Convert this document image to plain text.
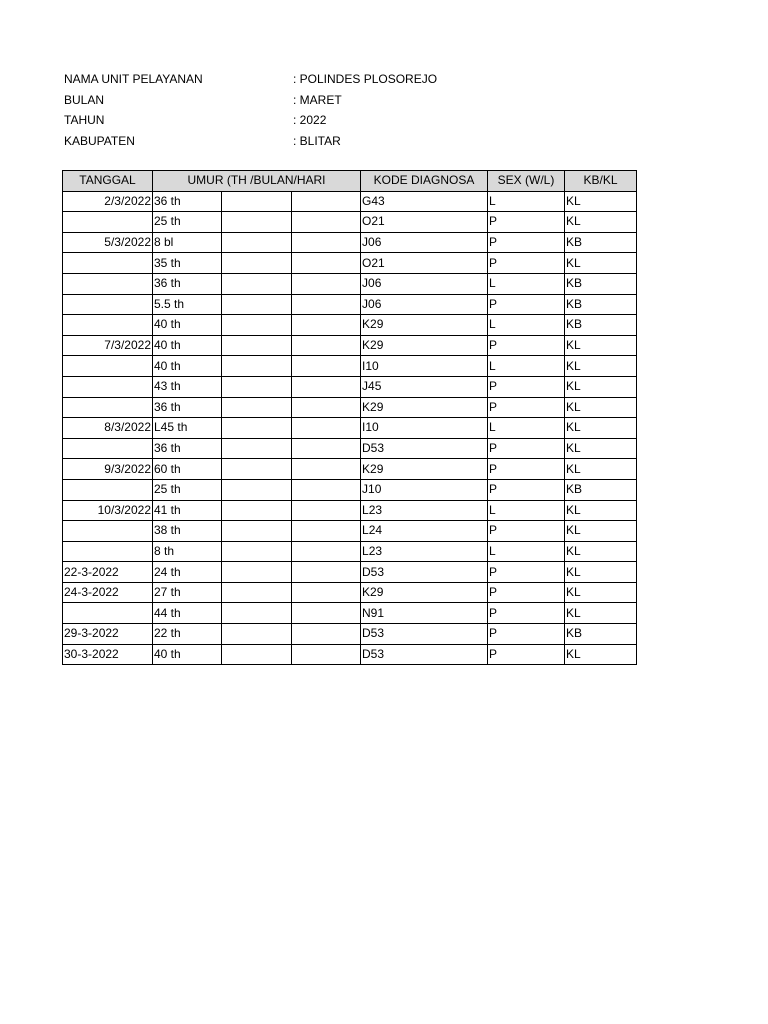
NAMA UNIT PELAYANAN	: POLINDES PLOSOREJO
BULAN	: MARET
TAHUN	: 2022
KABUPATEN	: BLITAR
TANGGAL	UMUR (TH /BULAN/HARI			KODE DIAGNOSA	SEX (W/L)	KB/KL
2/3/2022	36 th			G43	L	KL
	25 th			O21	P	KL
5/3/2022	8 bl			J06	P	KB
	35 th			O21	P	KL
	36 th			J06	L	KB
	5.5 th			J06	P	KB
	40 th			K29	L	KB
7/3/2022	40 th			K29	P	KL
	40 th			I10	L	KL
	43 th			J45	P	KL
	36 th			K29	P	KL
8/3/2022	L45 th			I10	L	KL
	36 th			D53	P	KL
9/3/2022	60 th			K29	P	KL
	25 th			J10	P	KB
10/3/2022	41 th			L23	L	KL
	38 th			L24	P	KL
	8 th			L23	L	KL
22-3-2022	24 th			D53	P	KL
24-3-2022	27 th			K29	P	KL
	44 th			N91	P	KL
29-3-2022	22 th			D53	P	KB
30-3-2022	40 th			D53	P	KL
